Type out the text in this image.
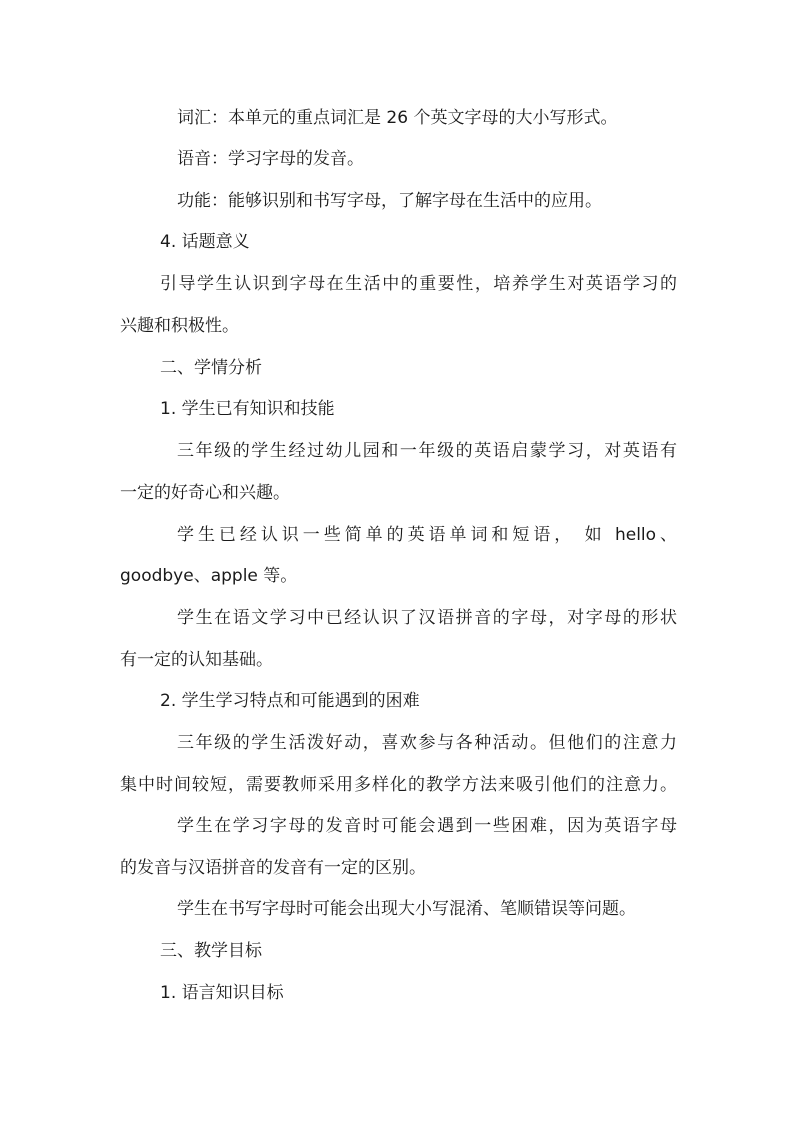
词汇：本单元的重点词汇是 26 个英文字母的大小写形式。
语音：学习字母的发音。
功能：能够识别和书写字母，了解字母在生活中的应用。
4. 话题意义
引导学生认识到字母在生活中的重要性，培养学生对英语学习的
兴趣和积极性。
二、学情分析
1. 学生已有知识和技能
三年级的学生经过幼儿园和一年级的英语启蒙学习，对英语有
一定的好奇心和兴趣。
学生已经认识一些简单的英语单词和短语， 如 hello、
goodbye、apple 等。
学生在语文学习中已经认识了汉语拼音的字母，对字母的形状
有一定的认知基础。
2. 学生学习特点和可能遇到的困难
三年级的学生活泼好动，喜欢参与各种活动。但他们的注意力
集中时间较短，需要教师采用多样化的教学方法来吸引他们的注意力。
学生在学习字母的发音时可能会遇到一些困难，因为英语字母
的发音与汉语拼音的发音有一定的区别。
学生在书写字母时可能会出现大小写混淆、笔顺错误等问题。
三、教学目标
1. 语言知识目标
